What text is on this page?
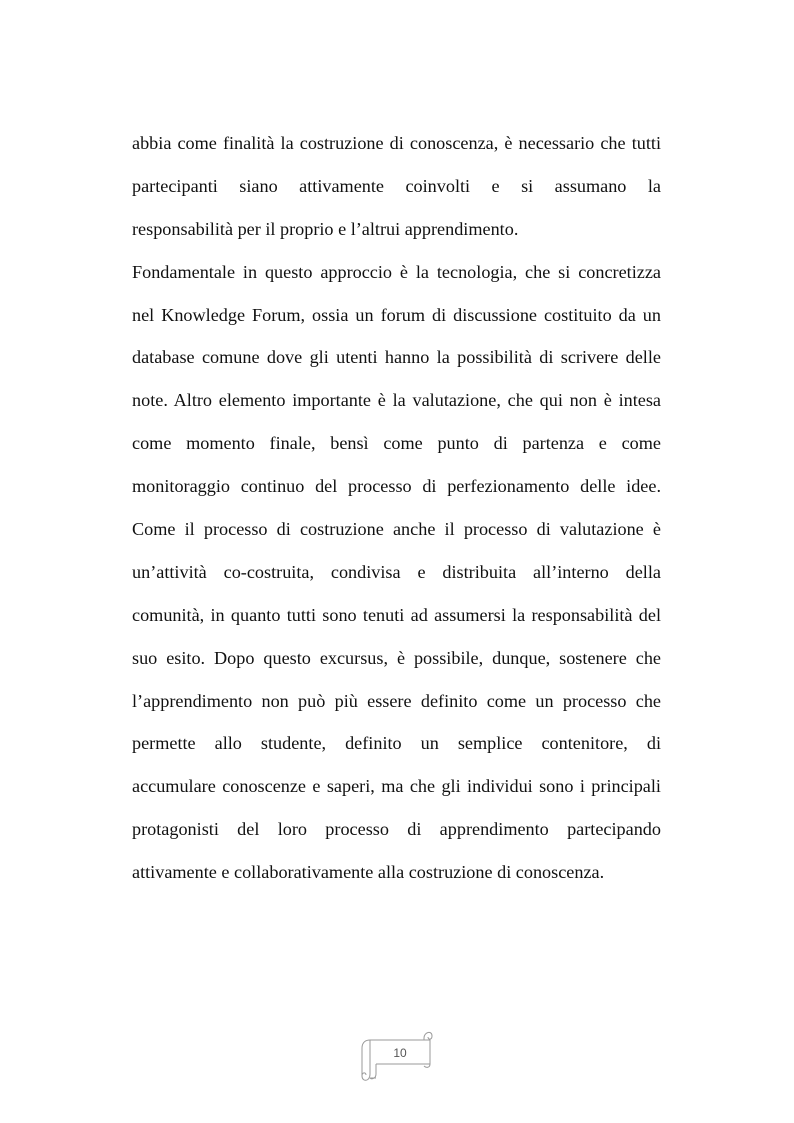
abbia come finalità la costruzione di conoscenza, è necessario che tutti
partecipanti siano attivamente coinvolti e si assumano la
responsabilità per il proprio e l’altrui apprendimento.
Fondamentale in questo approccio è la tecnologia, che si concretizza
nel Knowledge Forum, ossia un forum di discussione costituito da un
database comune dove gli utenti hanno la possibilità di scrivere delle
note. Altro elemento importante è la valutazione, che qui non è intesa
come momento finale, bensì come punto di partenza e come
monitoraggio continuo del processo di perfezionamento delle idee.
Come il processo di costruzione anche il processo di valutazione è
un’attività co-costruita, condivisa e distribuita all’interno della
comunità, in quanto tutti sono tenuti ad assumersi la responsabilità del
suo esito. Dopo questo excursus, è possibile, dunque, sostenere che
l’apprendimento non può più essere definito come un processo che
permette allo studente, definito un semplice contenitore, di
accumulare conoscenze e saperi, ma che gli individui sono i principali
protagonisti del loro processo di apprendimento partecipando
attivamente e collaborativamente alla costruzione di conoscenza.
10
